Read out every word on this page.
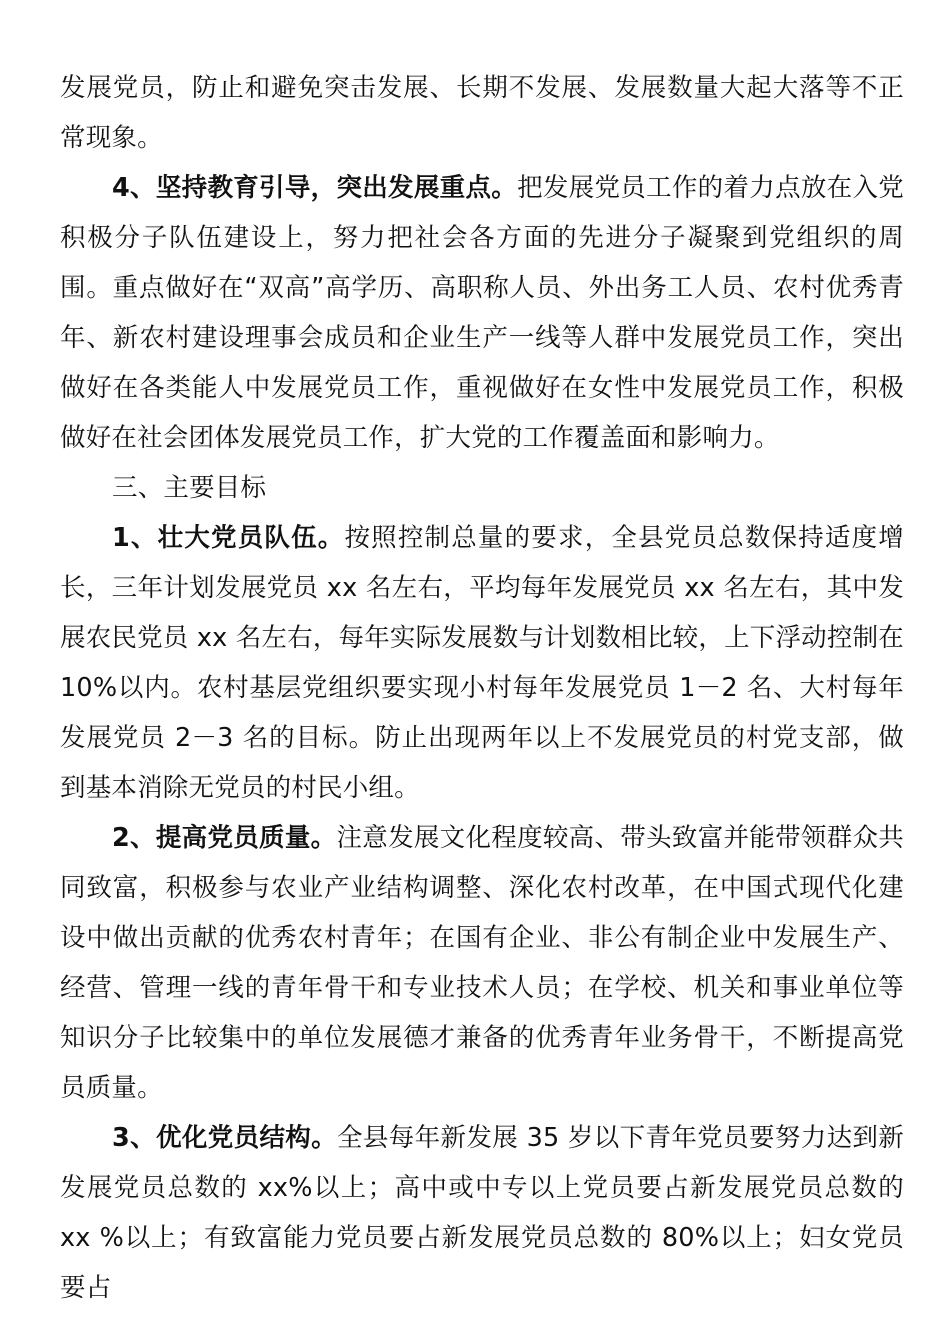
发展党员，防止和避免突击发展、长期不发展、发展数量大起大落等不正常现象。

4、坚持教育引导，突出发展重点。把发展党员工作的着力点放在入党积极分子队伍建设上，努力把社会各方面的先进分子凝聚到党组织的周围。重点做好在“双高”高学历、高职称人员、外出务工人员、农村优秀青年、新农村建设理事会成员和企业生产一线等人群中发展党员工作，突出做好在各类能人中发展党员工作，重视做好在女性中发展党员工作，积极做好在社会团体发展党员工作，扩大党的工作覆盖面和影响力。

三、主要目标

1、壮大党员队伍。按照控制总量的要求，全县党员总数保持适度增长，三年计划发展党员 xx 名左右，平均每年发展党员 xx 名左右，其中发展农民党员 xx 名左右，每年实际发展数与计划数相比较，上下浮动控制在 10%以内。农村基层党组织要实现小村每年发展党员 1－2 名、大村每年发展党员 2－3 名的目标。防止出现两年以上不发展党员的村党支部，做到基本消除无党员的村民小组。

2、提高党员质量。注意发展文化程度较高、带头致富并能带领群众共同致富，积极参与农业产业结构调整、深化农村改革，在中国式现代化建设中做出贡献的优秀农村青年；在国有企业、非公有制企业中发展生产、经营、管理一线的青年骨干和专业技术人员；在学校、机关和事业单位等知识分子比较集中的单位发展德才兼备的优秀青年业务骨干，不断提高党员质量。

3、优化党员结构。全县每年新发展 35 岁以下青年党员要努力达到新发展党员总数的 xx%以上；高中或中专以上党员要占新发展党员总数的 xx %以上；有致富能力党员要占新发展党员总数的 80%以上；妇女党员要占
